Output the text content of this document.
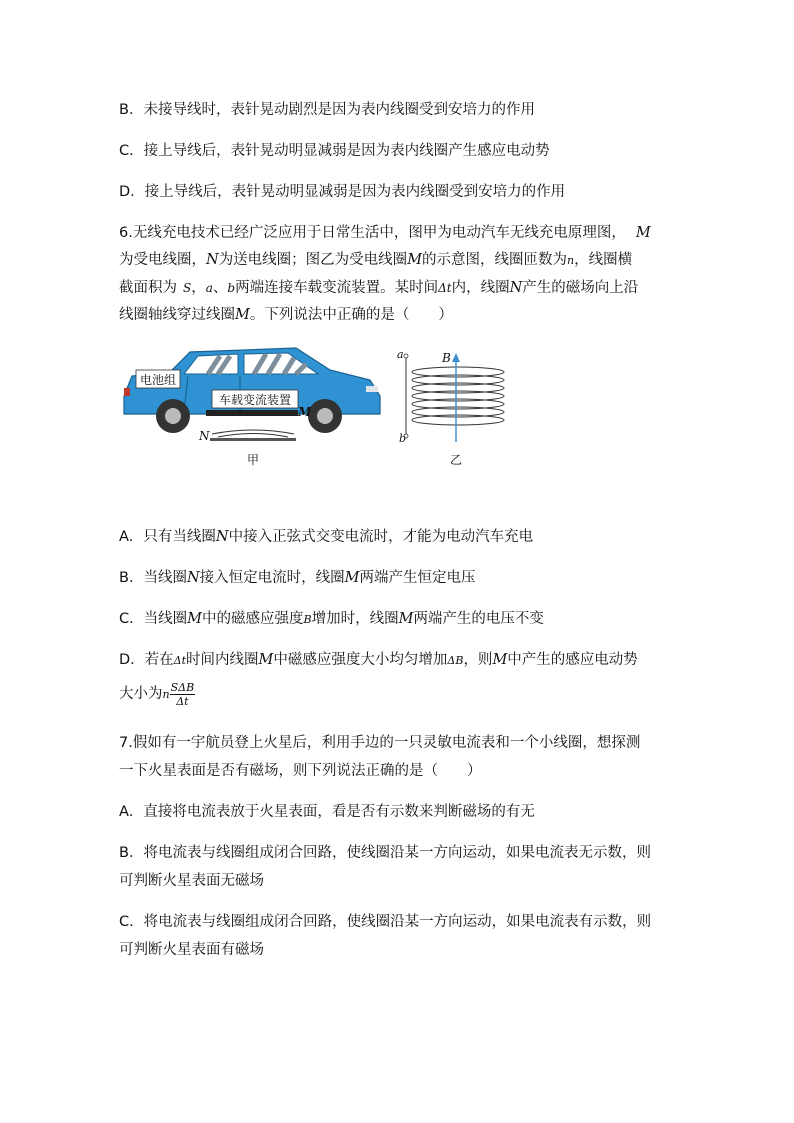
B．未接导线时，表针晃动剧烈是因为表内线圈受到安培力的作用
C．接上导线后，表针晃动明显减弱是因为表内线圈产生感应电动势
D．接上导线后，表针晃动明显减弱是因为表内线圈受到安培力的作用
6.无线充电技术已经广泛应用于日常生活中，图甲为电动汽车无线充电原理图， M
为受电线圈，N为送电线圈；图乙为受电线圈M的示意图，线圈匝数为n，线圈横
截面积为 S，a、b两端连接车载变流装置。某时间Δt内，线圈N产生的磁场向上沿
线圈轴线穿过线圈M。下列说法中正确的是（　　）
电池组
车载变流装置
M
N
甲
a
b
B
乙
A．只有当线圈N中接入正弦式交变电流时，才能为电动汽车充电
B．当线圈N接入恒定电流时，线圈M两端产生恒定电压
C．当线圈M中的磁感应强度B增加时，线圈M两端产生的电压不变
D．若在Δt时间内线圈M中磁感应强度大小均匀增加ΔB，则M中产生的感应电动势
大小为n $\frac{\text{SΔB}}{\Delta t}$
7.假如有一宇航员登上火星后，利用手边的一只灵敏电流表和一个小线圈，想探测
一下火星表面是否有磁场，则下列说法正确的是（　　）
A．直接将电流表放于火星表面，看是否有示数来判断磁场的有无
B．将电流表与线圈组成闭合回路，使线圈沿某一方向运动，如果电流表无示数，则
可判断火星表面无磁场
C．将电流表与线圈组成闭合回路，使线圈沿某一方向运动，如果电流表有示数，则
可判断火星表面有磁场
